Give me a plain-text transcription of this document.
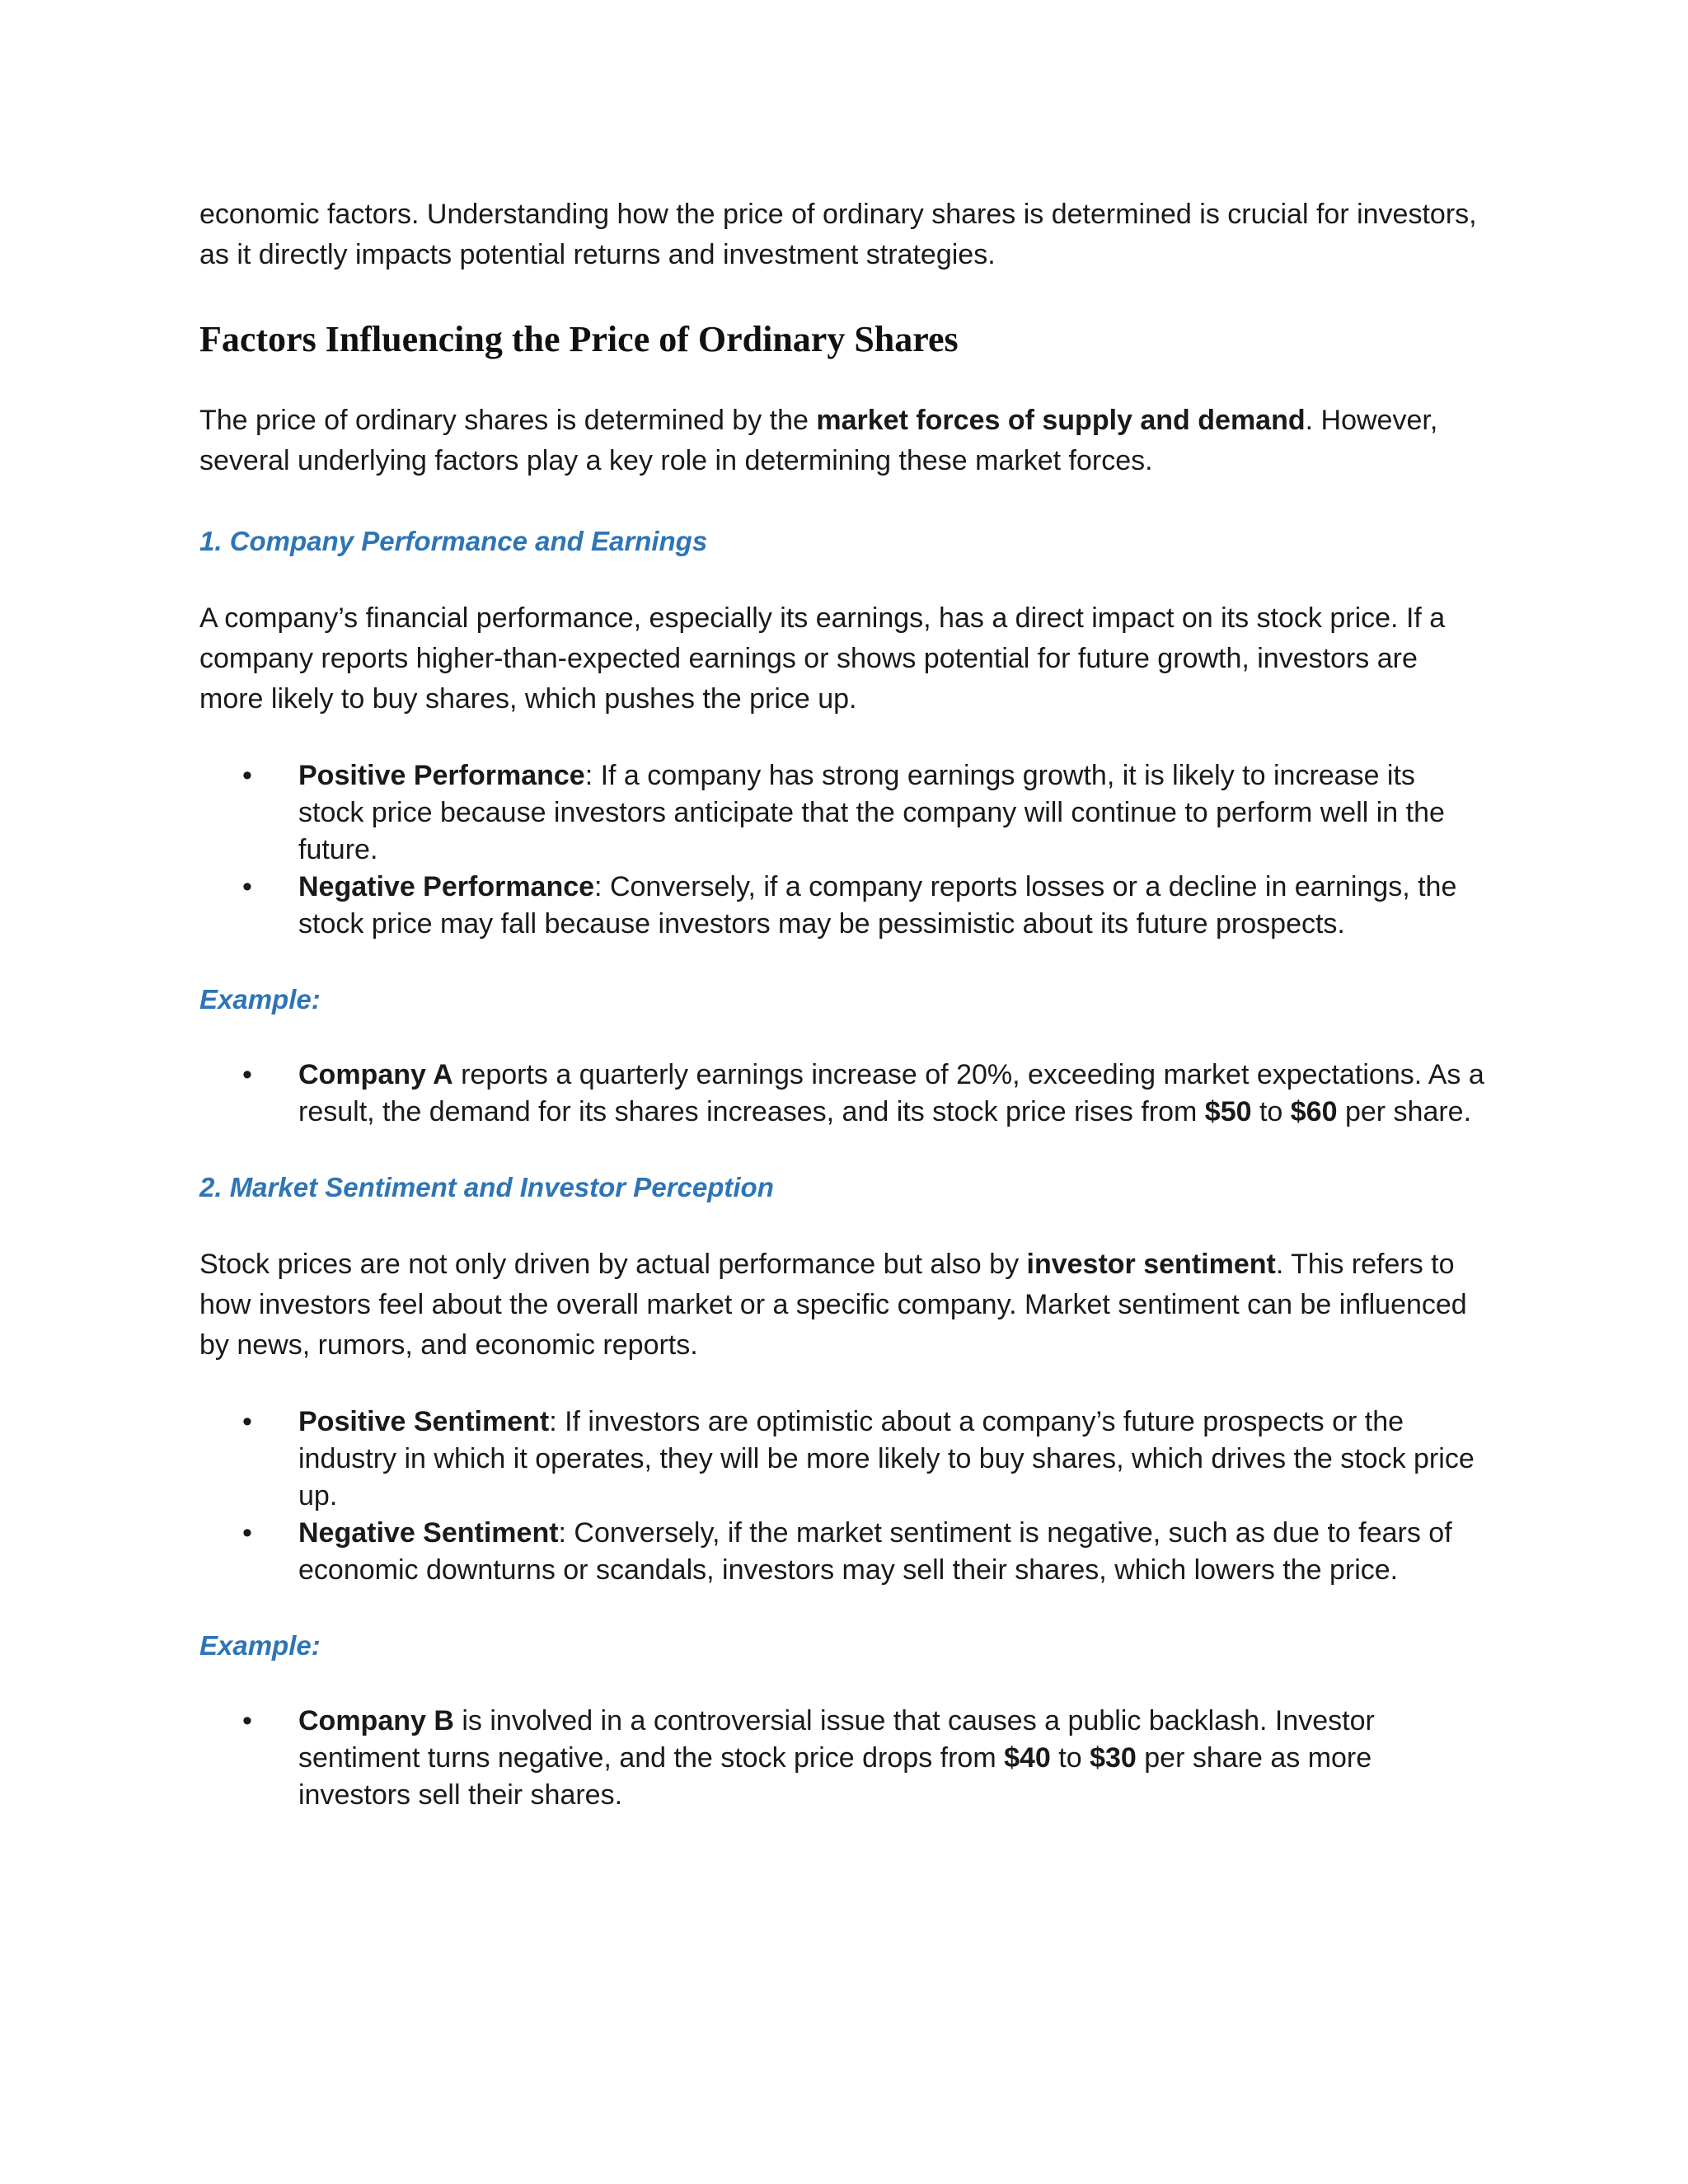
economic factors. Understanding how the price of ordinary shares is determined is crucial for investors,
as it directly impacts potential returns and investment strategies.

Factors Influencing the Price of Ordinary Shares

The price of ordinary shares is determined by the market forces of supply and demand. However, several underlying factors play a key role in determining these market forces.

1. Company Performance and Earnings

A company’s financial performance, especially its earnings, has a direct impact on its stock price. If a company reports higher-than-expected earnings or shows potential for future growth, investors are more likely to buy shares, which pushes the price up.

• Positive Performance: If a company has strong earnings growth, it is likely to increase its stock price because investors anticipate that the company will continue to perform well in the future.
• Negative Performance: Conversely, if a company reports losses or a decline in earnings, the stock price may fall because investors may be pessimistic about its future prospects.
Example:
• Company A reports a quarterly earnings increase of 20%, exceeding market expectations. As a result, the demand for its shares increases, and its stock price rises from $50 to $60 per share.
2. Market Sentiment and Investor Perception

Stock prices are not only driven by actual performance but also by investor sentiment. This refers to how investors feel about the overall market or a specific company. Market sentiment can be influenced by news, rumors, and economic reports.

• Positive Sentiment: If investors are optimistic about a company’s future prospects or the industry in which it operates, they will be more likely to buy shares, which drives the stock price up.
• Negative Sentiment: Conversely, if the market sentiment is negative, such as due to fears of economic downturns or scandals, investors may sell their shares, which lowers the price.
Example:
• Company B is involved in a controversial issue that causes a public backlash. Investor sentiment turns negative, and the stock price drops from $40 to $30 per share as more investors sell their shares.
